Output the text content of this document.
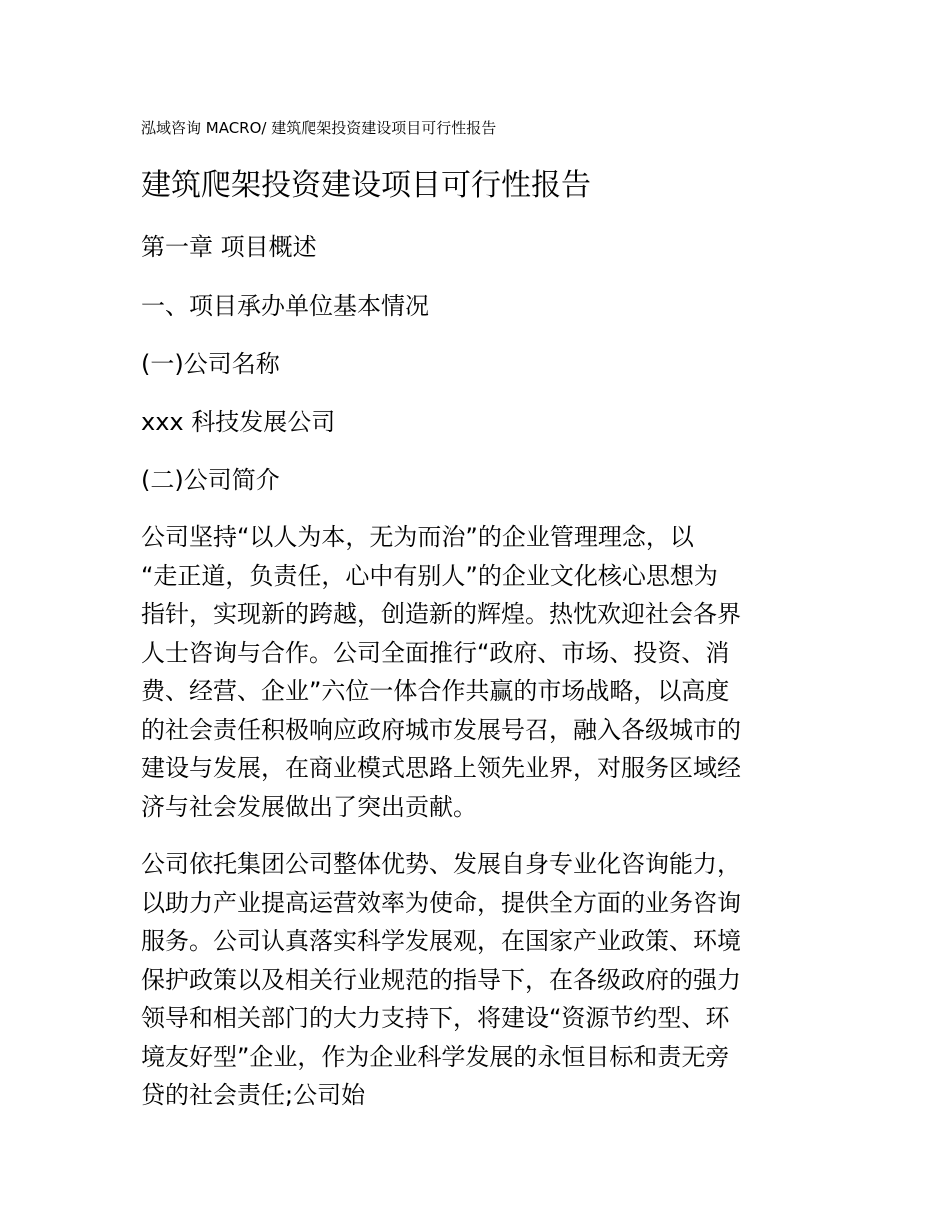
泓域咨询 MACRO/ 建筑爬架投资建设项目可行性报告
建筑爬架投资建设项目可行性报告
第一章 项目概述
一、项目承办单位基本情况
(一)公司名称
xxx 科技发展公司
(二)公司简介
公司坚持“以人为本，无为而治”的企业管理理念，以
“走正道，负责任，心中有别人”的企业文化核心思想为
指针，实现新的跨越，创造新的辉煌。热忱欢迎社会各界
人士咨询与合作。公司全面推行“政府、市场、投资、消
费、经营、企业”六位一体合作共赢的市场战略，以高度
的社会责任积极响应政府城市发展号召，融入各级城市的
建设与发展，在商业模式思路上领先业界，对服务区域经
济与社会发展做出了突出贡献。
公司依托集团公司整体优势、发展自身专业化咨询能力，
以助力产业提高运营效率为使命，提供全方面的业务咨询
服务。公司认真落实科学发展观，在国家产业政策、环境
保护政策以及相关行业规范的指导下，在各级政府的强力
领导和相关部门的大力支持下，将建设“资源节约型、环
境友好型”企业，作为企业科学发展的永恒目标和责无旁
贷的社会责任;公司始
